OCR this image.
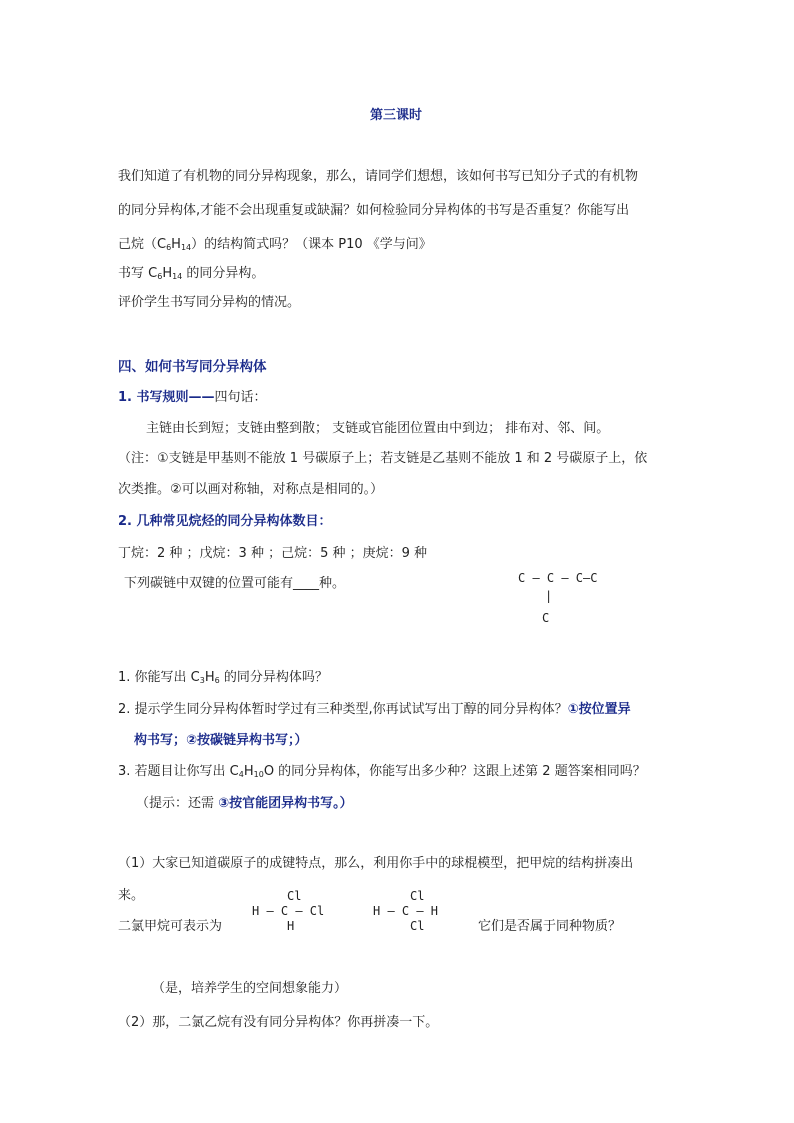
第三课时
我们知道了有机物的同分异构现象，那么，请同学们想想，该如何书写已知分子式的有机物
的同分异构体,才能不会出现重复或缺漏？如何检验同分异构体的书写是否重复？你能写出
己烷$(C_6H_{14})$的结构简式吗？（课本 P10 《学与问》
书写 $C_6H_{14}$ 的同分异构。
评价学生书写同分异构的情况。
四、如何书写同分异构体
1. 书写规则——四句话：
主链由长到短；支链由整到散； 支链或官能团位置由中到边； 排布对、邻、间。
（注：①支链是甲基则不能放 1 号碳原子上；若支链是乙基则不能放 1 和 2 号碳原子上，依
次类推。②可以画对称轴，对称点是相同的。）
2. 几种常见烷烃的同分异构体数目：
丁烷：2 种 ；戊烷：3 种 ；己烷：5 种 ；庚烷：9 种
下列碳链中双键的位置可能有____种。	C — C — C—C
|
C
1. 你能写出 $C_3H_6$ 的同分异构体吗？
2. 提示学生同分异构体暂时学过有三种类型,你再试试写出丁醇的同分异构体？①按位置异
构书写；②按碳链异构书写；）
3. 若题目让你写出 $C_4H_{10}O$ 的同分异构体，你能写出多少种？这跟上述第 2 题答案相同吗？
（提示：还需 ③按官能团异构书写。）
（1）大家已知道碳原子的成键特点，那么，利用你手中的球棍模型，把甲烷的结构拼凑出
来。
二氯甲烷可表示为
Cl
H — C — Cl
H
Cl
H — C — H
Cl	它们是否属于同种物质？
（是，培养学生的空间想象能力）
（2）那，二氯乙烷有没有同分异构体？你再拼凑一下。
